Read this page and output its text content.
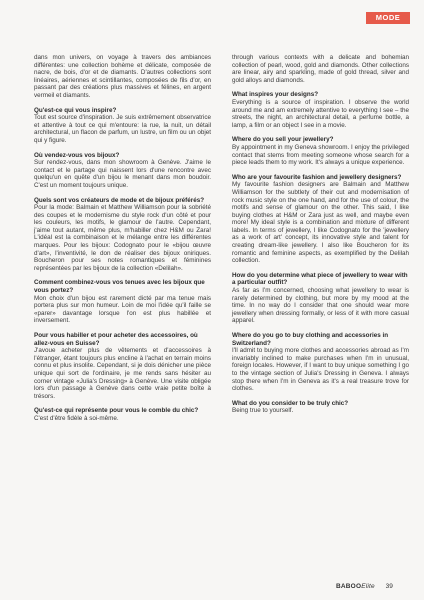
MODE

dans mon univers, on voyage à travers des ambiances différentes: une collection bohème et délicate, composée de nacre, de bois, d'or et de diamants. D'autres collections sont linéaires, aériennes et scintillantes, composées de fils d'or, en passant par des créations plus massives et félines, en argent vermeil et diamants.

Qu'est-ce qui vous inspire?

Tout est source d'inspiration. Je suis extrêmement observatrice et attentive à tout ce qui m'entoure: la rue, la nuit, un détail architectural, un flacon de parfum, un lustre, un film ou un objet qui y figure.

Où vendez-vous vos bijoux?

Sur rendez-vous, dans mon showroom à Genève. J'aime le contact et le partage qui naissent lors d'une rencontre avec quelqu'un en quête d'un bijou le menant dans mon boudoir. C'est un moment toujours unique.

Quels sont vos créateurs de mode et de bijoux préférés?

Pour la mode: Balmain et Matthew Williamson pour la sobriété des coupes et le modernisme du style rock d'un côté et pour les couleurs, les motifs, le glamour de l'autre. Cependant, j'aime tout autant, même plus, m'habiller chez H&M ou Zara! L'idéal est la combinaison et le mélange entre les différentes marques. Pour les bijoux: Codognato pour le «bijou œuvre d'art», l'inventivité, le don de réaliser des bijoux oniriques. Boucheron pour ses notes romantiques et féminines représentées par les bijoux de la collection «Delilah».

Comment combinez-vous vos tenues avec les bijoux que vous portez?

Mon choix d'un bijou est rarement dicté par ma tenue mais portera plus sur mon humeur. Loin de moi l'idée qu'il faille se «parer» davantage lorsque l'on est plus habillée et inversement.

Pour vous habiller et pour acheter des accessoires, où allez-vous en Suisse?

J'avoue acheter plus de vêtements et d'accessoires à l'étranger, étant toujours plus encline à l'achat en terrain moins connu et plus insolite. Cependant, si je dois dénicher une pièce unique qui sort de l'ordinaire, je me rends sans hésiter au corner vintage «Julia's Dressing» à Genève. Une visite obligée lors d'un passage à Genève dans cette vraie petite boîte à trésors.

Qu'est-ce qui représente pour vous le comble du chic?

C'est d'être fidèle à soi-même.

through various contexts with a delicate and bohemian collection of pearl, wood, gold and diamonds. Other collections are linear, airy and sparkling, made of gold thread, silver and gold alloys and diamonds.

What inspires your designs?

Everything is a source of inspiration. I observe the world around me and am extremely attentive to everything I see – the streets, the night, an architectural detail, a perfume bottle, a lamp, a film or an object I see in a movie.

Where do you sell your jewellery?

By appointment in my Geneva showroom. I enjoy the privileged contact that stems from meeting someone whose search for a piece leads them to my work. It's always a unique experience.

Who are your favourite fashion and jewellery designers?

My favourite fashion designers are Balmain and Matthew Williamson for the subtlety of their cut and modernisation of rock music style on the one hand, and for the use of colour, the motifs and sense of glamour on the other. This said, I like buying clothes at H&M or Zara just as well, and maybe even more! My ideal style is a combination and mixture of different labels. In terms of jewellery, I like Codognato for the 'jewellery as a work of art' concept, its innovative style and talent for creating dream-like jewellery. I also like Boucheron for its romantic and feminine aspects, as exemplified by the Delilah collection.

How do you determine what piece of jewellery to wear with a particular outfit?

As far as I'm concerned, choosing what jewellery to wear is rarely determined by clothing, but more by my mood at the time. In no way do I consider that one should wear more jewellery when dressing formally, or less of it with more casual apparel.

Where do you go to buy clothing and accessories in Switzerland?

I'll admit to buying more clothes and accessories abroad as I'm invariably inclined to make purchases when I'm in unusual, foreign locales. However, if I want to buy unique something I go to the vintage section of Julia's Dressing in Geneva. I always stop there when I'm in Geneva as it's a real treasure trove for clothes.

What do you consider to be truly chic?

Being true to yourself.

BABOOElite 39
